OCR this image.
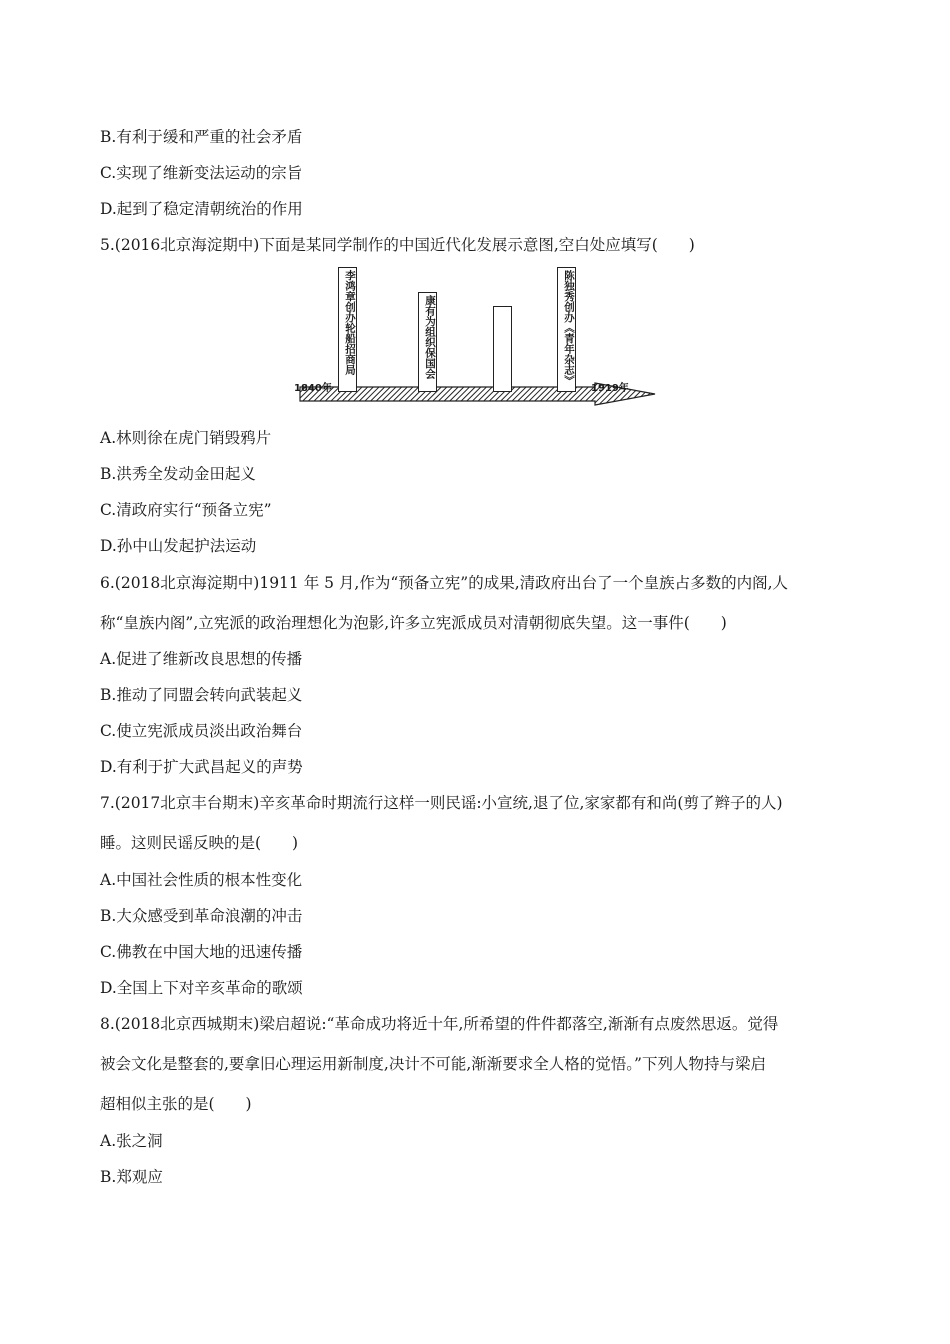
B.有利于缓和严重的社会矛盾
C.实现了维新变法运动的宗旨
D.起到了稳定清朝统治的作用
5.(2016北京海淀期中)下面是某同学制作的中国近代化发展示意图,空白处应填写(　　)
李鸿章创办轮船招商局	康有为组织保国会	陈独秀创办《青年杂志》
1840年	1919年
A.林则徐在虎门销毁鸦片
B.洪秀全发动金田起义
C.清政府实行“预备立宪”
D.孙中山发起护法运动
6.(2018北京海淀期中)1911 年 5 月,作为“预备立宪”的成果,清政府出台了一个皇族占多数的内阁,人
称“皇族内阁”,立宪派的政治理想化为泡影,许多立宪派成员对清朝彻底失望。这一事件(　　)
A.促进了维新改良思想的传播
B.推动了同盟会转向武装起义
C.使立宪派成员淡出政治舞台
D.有利于扩大武昌起义的声势
7.(2017北京丰台期末)辛亥革命时期流行这样一则民谣:小宣统,退了位,家家都有和尚(剪了辫子的人)
睡。这则民谣反映的是(　　)
A.中国社会性质的根本性变化
B.大众感受到革命浪潮的冲击
C.佛教在中国大地的迅速传播
D.全国上下对辛亥革命的歌颂
8.(2018北京西城期末)梁启超说:“革命成功将近十年,所希望的件件都落空,渐渐有点废然思返。觉得
被会文化是整套的,要拿旧心理运用新制度,决计不可能,渐渐要求全人格的觉悟。”下列人物持与梁启
超相似主张的是(　　)
A.张之洞
B.郑观应
